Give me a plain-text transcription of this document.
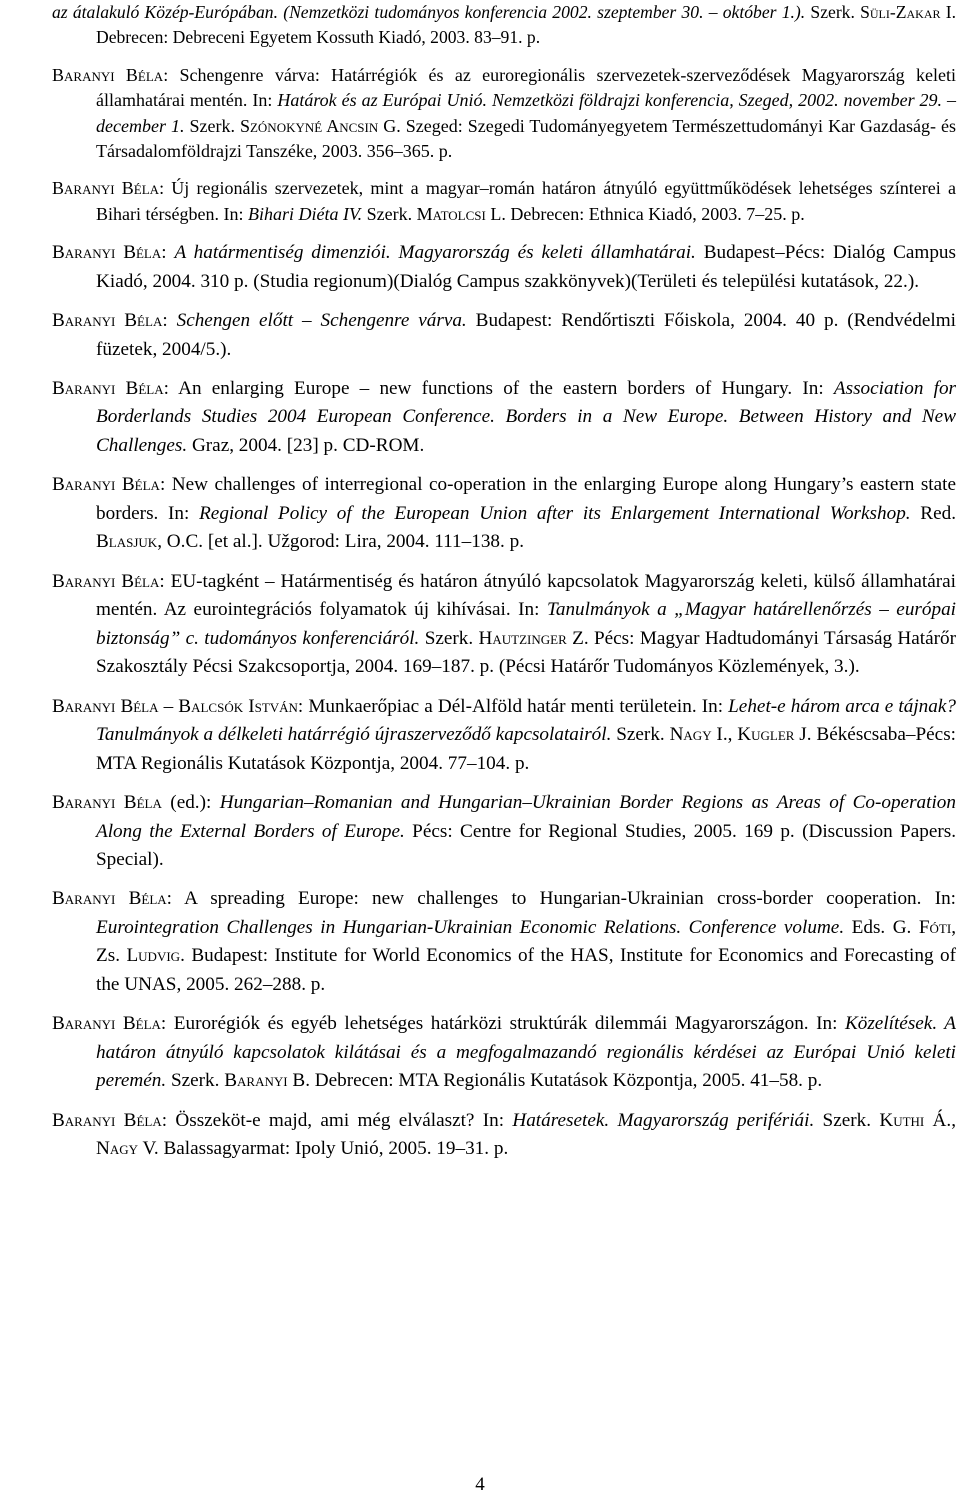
az átalakuló Közép-Európában. (Nemzetközi tudományos konferencia 2002. szeptember 30. – október 1.). Szerk. Süli-Zakar I. Debrecen: Debreceni Egyetem Kossuth Kiadó, 2003. 83–91. p.

Baranyi Béla: Schengenre várva: Határrégiók és az euroregionális szervezetek-szerveződések Magyarország keleti államhatárai mentén. In: Határok és az Európai Unió. Nemzetközi földrajzi konferencia, Szeged, 2002. november 29. – december 1. Szerk. Szónokyné Ancsin G. Szeged: Szegedi Tudományegyetem Természettudományi Kar Gazdaság- és Társadalomföldrajzi Tanszéke, 2003. 356–365. p.

Baranyi Béla: Új regionális szervezetek, mint a magyar–román határon átnyúló együttműködések lehetséges színterei a Bihari térségben. In: Bihari Diéta IV. Szerk. Matolcsi L. Debrecen: Ethnica Kiadó, 2003. 7–25. p.

Baranyi Béla: A határmentiség dimenziói. Magyarország és keleti államhatárai. Budapest–Pécs: Dialóg Campus Kiadó, 2004. 310 p. (Studia regionum)(Dialóg Campus szakkönyvek)(Területi és települési kutatások, 22.).

Baranyi Béla: Schengen előtt – Schengenre várva. Budapest: Rendőrtiszti Főiskola, 2004. 40 p. (Rendvédelmi füzetek, 2004/5.).

Baranyi Béla: An enlarging Europe – new functions of the eastern borders of Hungary. In: Association for Borderlands Studies 2004 European Conference. Borders in a New Europe. Between History and New Challenges. Graz, 2004. [23] p. CD-ROM.

Baranyi Béla: New challenges of interregional co-operation in the enlarging Europe along Hungary’s eastern state borders. In: Regional Policy of the European Union after its Enlargement International Workshop. Red. Blasjuk, O.C. [et al.]. Užgorod: Lira, 2004. 111–138. p.

Baranyi Béla: EU-tagként – Határmentiség és határon átnyúló kapcsolatok Magyarország keleti, külső államhatárai mentén. Az eurointegrációs folyamatok új kihívásai. In: Tanulmányok a „Magyar határellenőrzés – európai biztonság” c. tudományos konferenciáról. Szerk. Hautzinger Z. Pécs: Magyar Hadtudományi Társaság Határőr Szakosztály Pécsi Szakcsoportja, 2004. 169–187. p. (Pécsi Határőr Tudományos Közlemények, 3.).

Baranyi Béla – Balcsók István: Munkaerőpiac a Dél-Alföld határ menti területein. In: Lehet-e három arca e tájnak? Tanulmányok a délkeleti határrégió újraszerveződő kapcsolatairól. Szerk. Nagy I., Kugler J. Békéscsaba–Pécs: MTA Regionális Kutatások Központja, 2004. 77–104. p.

Baranyi Béla (ed.): Hungarian–Romanian and Hungarian–Ukrainian Border Regions as Areas of Co-operation Along the External Borders of Europe. Pécs: Centre for Regional Studies, 2005. 169 p. (Discussion Papers. Special).

Baranyi Béla: A spreading Europe: new challenges to Hungarian-Ukrainian cross-border cooperation. In: Eurointegration Challenges in Hungarian-Ukrainian Economic Relations. Conference volume. Eds. G. Fóti, Zs. Ludvig. Budapest: Institute for World Economics of the HAS, Institute for Economics and Forecasting of the UNAS, 2005. 262–288. p.

Baranyi Béla: Eurorégiók és egyéb lehetséges határközi struktúrák dilemmái Magyarországon. In: Közelítések. A határon átnyúló kapcsolatok kilátásai és a megfogalmazandó regionális kérdései az Európai Unió keleti peremén. Szerk. Baranyi B. Debrecen: MTA Regionális Kutatások Központja, 2005. 41–58. p.

Baranyi Béla: Összeköt-e majd, ami még elválaszt? In: Határesetek. Magyarország perifériái. Szerk. Kuthi Á., Nagy V. Balassagyarmat: Ipoly Unió, 2005. 19–31. p.

4
